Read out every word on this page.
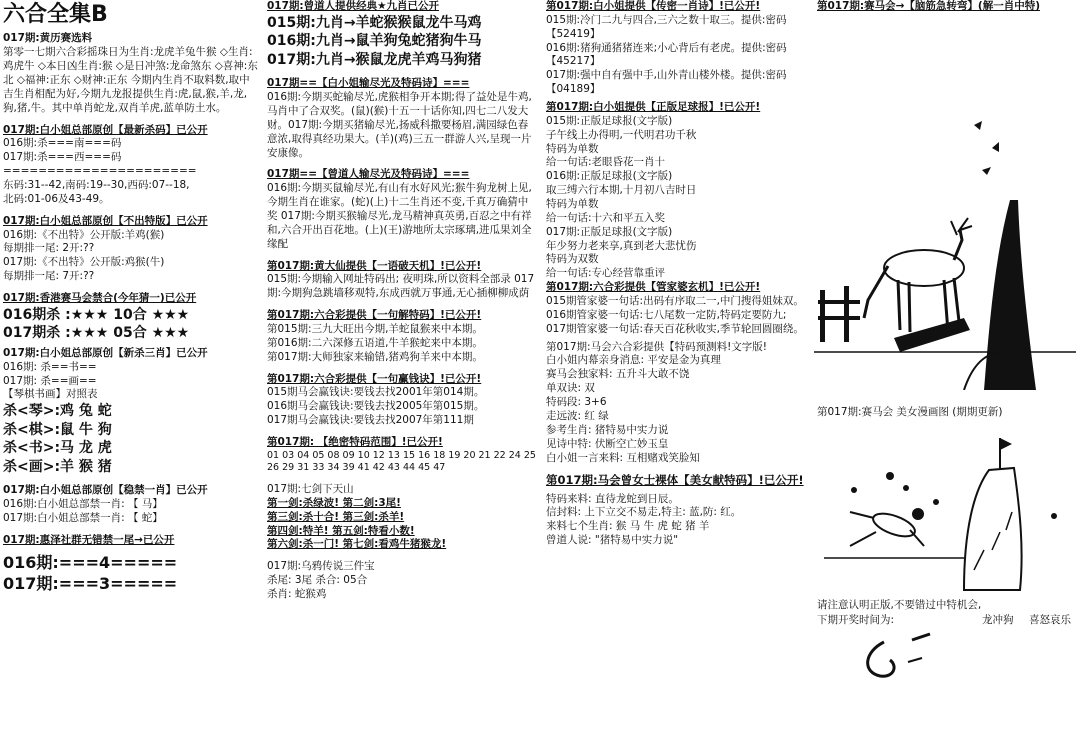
六合全集B
017期:黄历赛选料
第零一七期六合彩摇珠日为生肖:龙虎羊兔牛猴 ◇生肖:鸡虎牛 ◇本日凶生肖:猴 ◇是日冲煞:龙命煞东 ◇喜神:东北 ◇福神:正东 ◇财神:正东 今期内生肖不取料数,取中吉生肖相配为好,今期九龙报提供生肖:虎,鼠,猴,羊,龙,狗,猪,牛。其中单肖蛇龙,双肖羊虎,蓝单防土水。
017期:白小姐总部原创【最新杀码】已公开
016期:杀===南===码
017期:杀===西===码
======================
东码:31--42,南码:19--30,西码:07--18,
北码:01-06及43-49。
017期:白小姐总部原创【不出特版】已公开
016期:《不出特》公开版:羊鸡(猴)
每期排一尾: 2开:??
017期:《不出特》公开版:鸡猴(牛)
每期排一尾: 7开:??
017期:香港赛马会禁合(今年猜一)已公开
016期杀 :★★★ 10合 ★★★
017期杀 :★★★ 05合 ★★★
017期:白小姐总部原创【新杀三肖】已公开
016期: 杀==书==
017期: 杀==画==
【琴棋书画】对照表
杀<琴>:鸡 兔 蛇
杀<棋>:鼠 牛 狗
杀<书>:马 龙 虎
杀<画>:羊 猴 猪
017期:白小姐总部原创【稳禁一肖】已公开
016期:白小姐总部禁一肖: 【 马】
017期:白小姐总部禁一肖: 【 蛇】
017期:惠泽社群无错禁一尾→已公开
016期:===4=====
017期:===3=====
017期:曾道人提供经典★九肖已公开
015期:九肖→羊蛇猴猴鼠龙牛马鸡
016期:九肖→鼠羊狗兔蛇猪狗牛马
017期:九肖→猴鼠龙虎羊鸡马狗猪
017期==【白小姐输尽光及特码诗】===
016期:今期买蛇输尽光,虎猴相争开本期;得了益处是牛鸡,马肖中了合双奖。(鼠)(猴)十五一十话你知,四七二八发大财。017期:今期买猪输尽光,扬威科撒要杨眉,满园绿色春意浓,取得真经功果大。(羊)(鸡)三五一群游人兴,呈现一片安康像。
017期==【曾道人输尽光及特码诗】===
016期:今期买鼠输尽光,有山有水好风光;猴牛狗龙树上见,今期生肖在谁家。(蛇)(上)十二生肖还不变,千真万确猜中奖 017期:今期买猴输尽光,龙马精神真英勇,百忍之中有祥和,六合开出百花地。(上)(王)游地所太宗琢璃,进瓜果刘全缘配
第017期:黄大仙提供【一语破天机】!已公开!
015期:今期输入网址特码出; 夜明珠,所以资料全部录 017期:今期狗急跳墙移观特,东成西就万事通,无心插柳柳成荫
第017期:六合彩提供【一句解特码】!已公开!
第015期:三九大旺出今期,羊蛇鼠猴来中本期。
第016期:二六深修五语道,牛羊猴蛇来中本期。
第017期:大师独家来输错,猪鸡狗羊来中本期。
第017期:六合彩提供【一句赢钱诀】!已公开!
015期马会赢钱诀:要钱去找2001年第014期。
016期马会赢钱诀:要钱去找2005年第015期。
017期马会赢钱诀:要钱去找2007年第111期
第017期: 【绝密特码范围】!已公开!
01 03 04 05 08 09 10 12 13 15 16 18 19 20 21 22 24 25
26 29 31 33 34 39 41 42 43 44 45 47
017期:七剑下天山
第一剑:杀绿波! 第二剑:3尾!
第三剑:杀十合! 第三剑:杀羊!
第四剑:特羊! 第五剑:特看小数!
第六剑:杀一门! 第七剑:看鸡牛猪猴龙!
017期:乌鸦传说三件宝
杀尾: 3尾 杀合: 05合
杀肖: 蛇猴鸡
第017期:白小姐提供【传密一肖诗】!已公开!
015期:冷门二九与四合,三六之数十取三。提供:密码【52419】
016期:猪狗通猪猪连来;小心背后有老虎。提供:密码【45217】
017期:强中自有强中手,山外青山楼外楼。提供:密码【04189】
第017期:白小姐提供【正版足球报】!已公开!
015期:正版足球报(文字版)
子午线上办得明,一代明君功千秋
特码为单数
给一句话:老眼昏花一肖十
016期:正版足球报(文字版)
取三缚六行本期,十月初八吉时日
特码为单数
给一句话:十六和平五入奖
017期:正版足球报(文字版)
年少努力老来享,真到老大悲忧伤
特码为双数
给一句话:专心经营靠重评
第017期:六合彩提供【管家婆玄机】!已公开!
015期管家婆一句话:出码有序取二一,中门搜得姐妹双。
016期管家婆一句话:七八尾数一定防,特码定要防九;
017期管家婆一句话:春天百花秋收实,季节轮回圆圈绕。
第017期:马会六合彩提供【特码预测料!文字版!
白小姐内幕亲身消息: 平安是金为真理
赛马会独家料: 五升斗大敢不饶
单双诀: 双
特码段: 3+6
走远波: 红 绿
参考生肖: 猪特易中实力说
见诗中特: 伏断空亡妙玉皇
白小姐一言来料: 互相赌戏笑脸知
第017期:马会曾女士裸体【美女献特码】!已公开!
特码来料: 直待龙蛇到日辰。
信封料: 上下立交不易走,特主: 蓝,防: 红。
来料七个生肖: 猴 马 牛 虎 蛇 猪 羊
曾道人说: "猪特易中实力说"
第017期:赛马会→【脑筋急转弯】(解一肖中特)
第017期:赛马会 美女漫画图 (期期更新)
请注意认明正版,不要错过中特机会,
下期开奖时间为:	龙冲狗 喜怒哀乐
